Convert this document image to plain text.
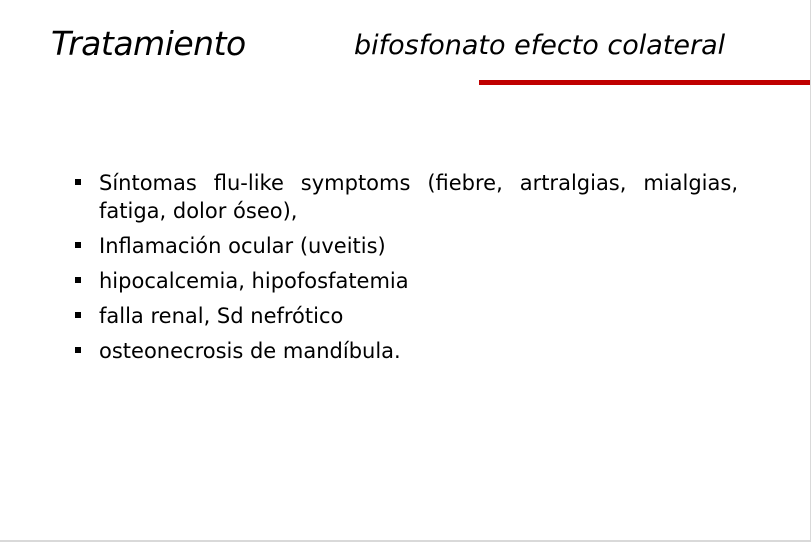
Tratamiento	bifosfonato efecto colateral
Síntomas flu-like symptoms (fiebre, artralgias, mialgias, fatiga, dolor óseo),
Inflamación ocular (uveitis)
hipocalcemia, hipofosfatemia
falla renal, Sd nefrótico
osteonecrosis de mandíbula.
